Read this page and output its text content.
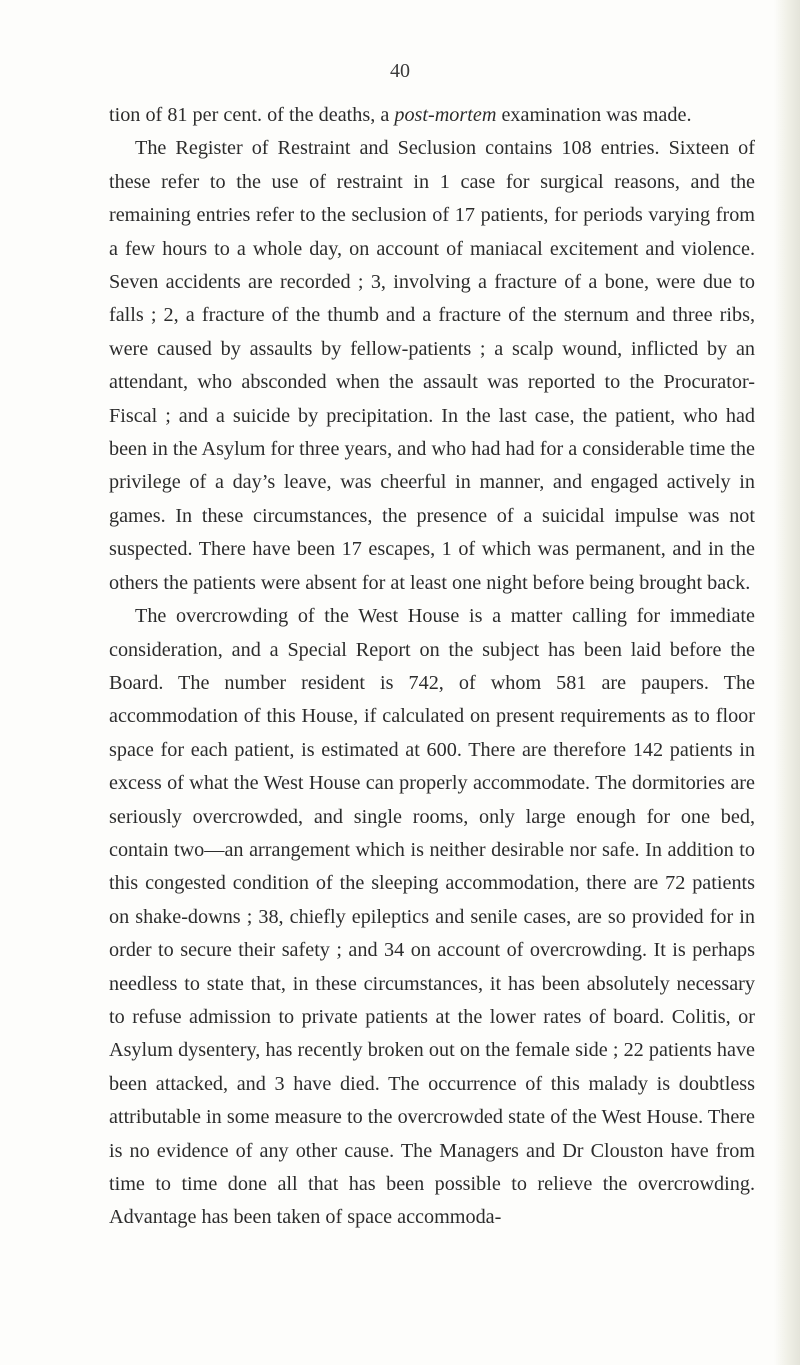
40

tion of 81 per cent. of the deaths, a post-mortem examination was made.

The Register of Restraint and Seclusion contains 108 entries. Sixteen of these refer to the use of restraint in 1 case for surgical reasons, and the remaining entries refer to the seclusion of 17 patients, for periods varying from a few hours to a whole day, on account of maniacal excitement and violence. Seven accidents are recorded ; 3, involving a fracture of a bone, were due to falls ; 2, a fracture of the thumb and a fracture of the sternum and three ribs, were caused by assaults by fellow-patients ; a scalp wound, inflicted by an attendant, who absconded when the assault was reported to the Procurator-Fiscal ; and a suicide by precipitation. In the last case, the patient, who had been in the Asylum for three years, and who had had for a considerable time the privilege of a day’s leave, was cheerful in manner, and engaged actively in games. In these circumstances, the presence of a suicidal impulse was not suspected. There have been 17 escapes, 1 of which was permanent, and in the others the patients were absent for at least one night before being brought back.

The overcrowding of the West House is a matter calling for immediate consideration, and a Special Report on the subject has been laid before the Board. The number resident is 742, of whom 581 are paupers. The accommodation of this House, if calculated on present requirements as to floor space for each patient, is estimated at 600. There are therefore 142 patients in excess of what the West House can properly accommodate. The dormitories are seriously overcrowded, and single rooms, only large enough for one bed, contain two—an arrangement which is neither desirable nor safe. In addition to this congested condition of the sleeping accommodation, there are 72 patients on shake-downs ; 38, chiefly epileptics and senile cases, are so provided for in order to secure their safety ; and 34 on account of overcrowding. It is perhaps needless to state that, in these circumstances, it has been absolutely necessary to refuse admission to private patients at the lower rates of board. Colitis, or Asylum dysentery, has recently broken out on the female side ; 22 patients have been attacked, and 3 have died. The occurrence of this malady is doubtless attributable in some measure to the overcrowded state of the West House. There is no evidence of any other cause. The Managers and Dr Clouston have from time to time done all that has been possible to relieve the overcrowding. Advantage has been taken of space accommoda-
